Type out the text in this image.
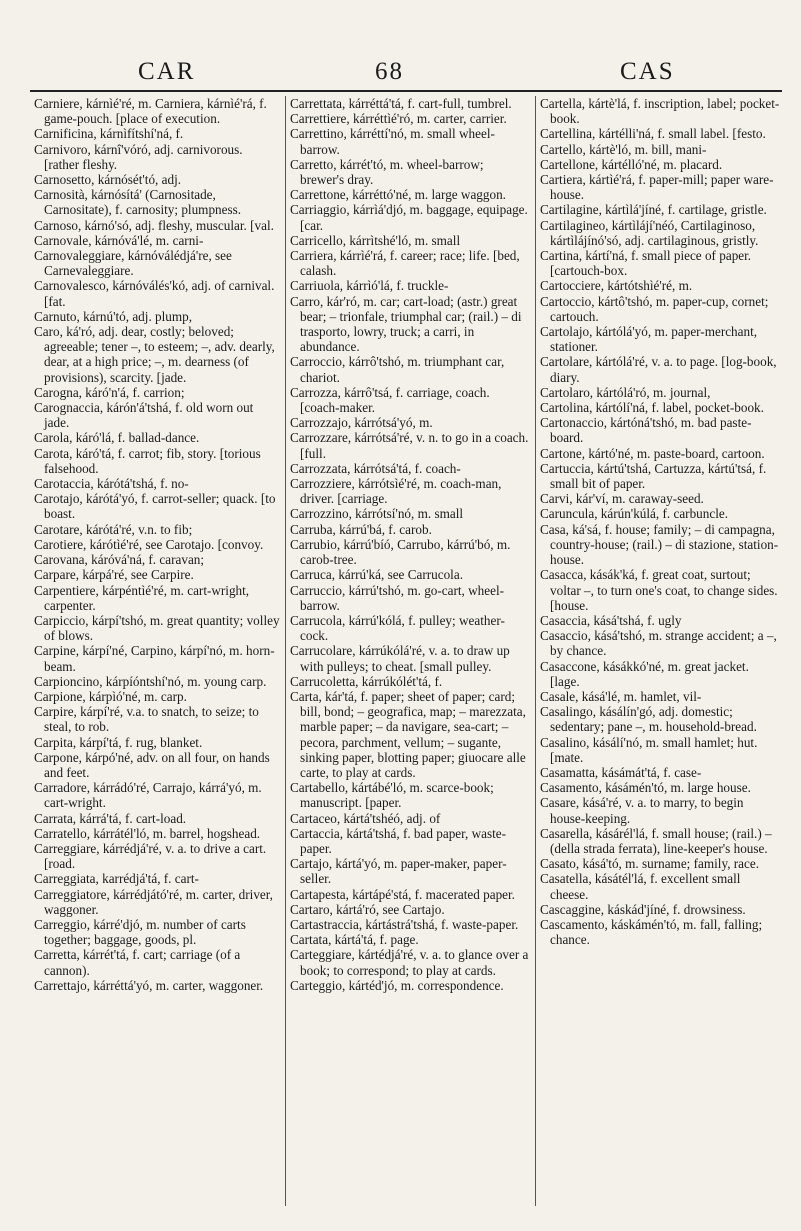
CAR	68	CAS

Carniere, kárnìé'ré, m. Carniera, kárnìé'rá, f. game-pouch. [place of execution.

Carnificina, kárnìfítshí'ná, f.

Carnivoro, kárnî'vóró, adj. carnivorous. [rather fleshy.

Carnosetto, kárnósét'tó, adj.

Carnosità, kárnósítá' (Carnositade, Carnositate), f. carnosity; plumpness.

Carnoso, kárnó'só, adj. fleshy, muscular. [val.

Carnovale, kárnóvá'lé, m. carni-

Carnovaleggiare, kárnóválédjá're, see Carnevaleggiare.

Carnovalesco, kárnóválés'kó, adj. of carnival. [fat.

Carnuto, kárnú'tó, adj. plump,

Caro, ká'ró, adj. dear, costly; beloved; agreeable; tener –, to esteem; –, adv. dearly, dear, at a high price; –, m. dearness (of provisions), scarcity. [jade.

Carogna, káró'n'á, f. carrion;

Carognaccia, kárón'á'tshá, f. old worn out jade.

Carola, káró'lá, f. ballad-dance.

Carota, káró'tá, f. carrot; fib, story. [torious falsehood.

Carotaccia, kárótá'tshá, f. no-

Carotajo, kárótá'yó, f. carrot-seller; quack. [to boast.

Carotare, kárótá'ré, v.n. to fib;

Carotiere, kárótìé'ré, see Carotajo. [convoy.

Carovana, káróvá'ná, f. caravan;

Carpare, kárpá'ré, see Carpire.

Carpentiere, kárpéntìé'ré, m. cart-wright, carpenter.

Carpiccio, kárpí'tshó, m. great quantity; volley of blows.

Carpine, kárpí'né, Carpino, kárpí'nó, m. horn-beam.

Carpioncino, kárpíóntshí'nó, m. young carp.

Carpione, kárpìó'né, m. carp.

Carpire, kárpí'ré, v.a. to snatch, to seize; to steal, to rob.

Carpita, kárpí'tá, f. rug, blanket.

Carpone, kárpó'né, adv. on all four, on hands and feet.

Carradore, kárrádó'ré, Carrajo, kárrá'yó, m. cart-wright.

Carrata, kárrá'tá, f. cart-load.

Carratello, kárrátél'ló, m. barrel, hogshead.

Carreggiare, kárrédjá'ré, v. a. to drive a cart. [road.

Carreggiata, karrédjá'tá, f. cart-

Carreggiatore, kárrédjátó'ré, m. carter, driver, waggoner.

Carreggio, kárré'djó, m. number of carts together; baggage, goods, pl.

Carretta, kárrét'tá, f. cart; carriage (of a cannon).

Carrettajo, kárréttá'yó, m. carter, waggoner.

Carrettata, kárréttá'tá, f. cart-full, tumbrel.

Carrettiere, kárréttìé'ró, m. carter, carrier.

Carrettino, kárréttí'nó, m. small wheel-barrow.

Carretto, kárrét'tó, m. wheel-barrow; brewer's dray.

Carrettone, kárréttó'né, m. large waggon.

Carriaggio, kárrìá'djó, m. baggage, equipage. [car.

Carricello, kárrìtshé'ló, m. small

Carriera, kárrìé'rá, f. career; race; life. [bed, calash.

Carriuola, kárrìó'lá, f. truckle-

Carro, kár'ró, m. car; cart-load; (astr.) great bear; – trionfale, triumphal car; (rail.) – di trasporto, lowry, truck; a carri, in abundance.

Carroccio, kárrô'tshó, m. triumphant car, chariot.

Carrozza, kárrô'tsá, f. carriage, coach. [coach-maker.

Carrozzajo, kárrótsá'yó, m.

Carrozzare, kárrótsá'ré, v. n. to go in a coach. [full.

Carrozzata, kárrótsá'tá, f. coach-

Carrozziere, kárrótsìé'ré, m. coach-man, driver. [carriage.

Carrozzino, kárrótsí'nó, m. small

Carruba, kárrú'bá, f. carob.

Carrubio, kárrú'bíó, Carrubo, kárrú'bó, m. carob-tree.

Carruca, kárrú'ká, see Carrucola.

Carruccio, kárrú'tshó, m. go-cart, wheel-barrow.

Carrucola, kárrú'kólá, f. pulley; weather-cock.

Carrucolare, kárrúkólá'ré, v. a. to draw up with pulleys; to cheat. [small pulley.

Carrucoletta, kárrúkólét'tá, f.

Carta, kár'tá, f. paper; sheet of paper; card; bill, bond; – geografica, map; – marezzata, marble paper; – da navigare, sea-cart; – pecora, parchment, vellum; – sugante, sinking paper, blotting paper; giuocare alle carte, to play at cards.

Cartabello, kártábé'ló, m. scarce-book; manuscript. [paper.

Cartaceo, kártá'tshéó, adj. of

Cartaccia, kártá'tshá, f. bad paper, waste-paper.

Cartajo, kártá'yó, m. paper-maker, paper-seller.

Cartapesta, kártápé'stá, f. macerated paper.

Cartaro, kártá'ró, see Cartajo.

Cartastraccia, kártástrá'tshá, f. waste-paper.

Cartata, kártá'tá, f. page.

Carteggiare, kártédjá'ré, v. a. to glance over a book; to correspond; to play at cards.

Carteggio, kártéd'jó, m. correspondence.

Cartella, kártè'lá, f. inscription, label; pocket-book.

Cartellina, kártélli'ná, f. small label. [festo.

Cartello, kártè'ló, m. bill, mani-

Cartellone, kártélló'né, m. placard.

Cartiera, kártìé'rá, f. paper-mill; paper ware-house.

Cartilagine, kártìlá'jíné, f. cartilage, gristle.

Cartilagineo, kártìlájí'néó, Cartilaginoso, kártìlájínó'só, adj. cartilaginous, gristly.

Cartina, kártí'ná, f. small piece of paper. [cartouch-box.

Cartocciere, kártótshìé'ré, m.

Cartoccio, kártô'tshó, m. paper-cup, cornet; cartouch.

Cartolajo, kártólá'yó, m. paper-merchant, stationer.

Cartolare, kártólá'ré, v. a. to page. [log-book, diary.

Cartolaro, kártólá'ró, m. journal,

Cartolina, kártólí'ná, f. label, pocket-book.

Cartonaccio, kártóná'tshó, m. bad paste-board.

Cartone, kártó'né, m. paste-board, cartoon.

Cartuccia, kártú'tshá, Cartuzza, kártú'tsá, f. small bit of paper.

Carvi, kár'ví, m. caraway-seed.

Caruncula, kárún'kúlá, f. carbuncle.

Casa, ká'sá, f. house; family; – di campagna, country-house; (rail.) – di stazione, station-house.

Casacca, kásák'ká, f. great coat, surtout; voltar –, to turn one's coat, to change sides. [house.

Casaccia, kásá'tshá, f. ugly

Casaccio, kásá'tshó, m. strange accident; a –, by chance.

Casaccone, kásákkó'né, m. great jacket. [lage.

Casale, kásá'lé, m. hamlet, vil-

Casalingo, kásálín'gó, adj. domestic; sedentary; pane –, m. household-bread.

Casalino, kásálí'nó, m. small hamlet; hut. [mate.

Casamatta, kásámát'tá, f. case-

Casamento, kásámén'tó, m. large house.

Casare, kásá'ré, v. a. to marry, to begin house-keeping.

Casarella, kásárél'lá, f. small house; (rail.) – (della strada ferrata), line-keeper's house.

Casato, kásá'tó, m. surname; family, race.

Casatella, kásátél'lá, f. excellent small cheese.

Cascaggine, káskád'jíné, f. drowsiness.

Cascamento, káskámén'tó, m. fall, falling; chance.
